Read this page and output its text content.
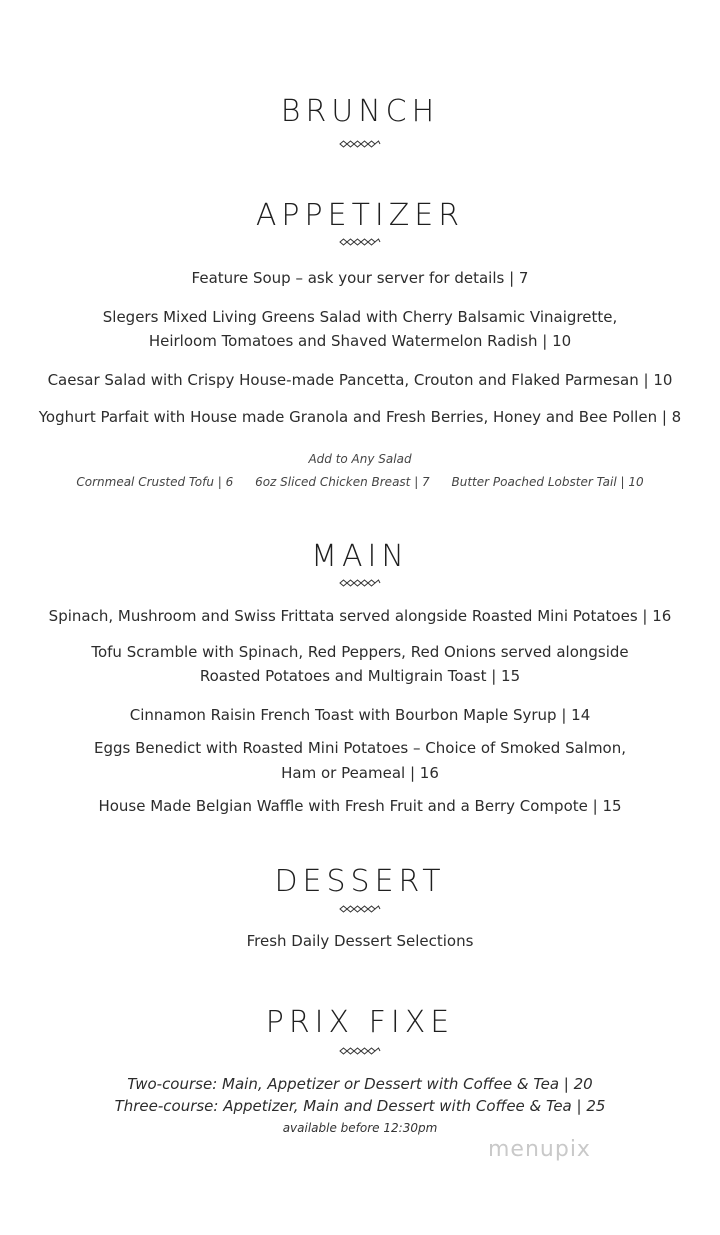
BRUNCH
APPETIZER
Feature Soup – ask your server for details | 7
Slegers Mixed Living Greens Salad with Cherry Balsamic Vinaigrette,
Heirloom Tomatoes and Shaved Watermelon Radish | 10
Caesar Salad with Crispy House-made Pancetta, Crouton and Flaked Parmesan | 10
Yoghurt Parfait with House made Granola and Fresh Berries, Honey and Bee Pollen | 8
Add to Any Salad
Cornmeal Crusted Tofu | 6 6oz Sliced Chicken Breast | 7 Butter Poached Lobster Tail | 10
MAIN
Spinach, Mushroom and Swiss Frittata served alongside Roasted Mini Potatoes | 16
Tofu Scramble with Spinach, Red Peppers, Red Onions served alongside
Roasted Potatoes and Multigrain Toast | 15
Cinnamon Raisin French Toast with Bourbon Maple Syrup | 14
Eggs Benedict with Roasted Mini Potatoes – Choice of Smoked Salmon,
Ham or Peameal | 16
House Made Belgian Waffle with Fresh Fruit and a Berry Compote | 15
DESSERT
Fresh Daily Dessert Selections
PRIX FIXE
Two-course: Main, Appetizer or Dessert with Coffee & Tea | 20
Three-course: Appetizer, Main and Dessert with Coffee & Tea | 25
available before 12:30pm
menupix
